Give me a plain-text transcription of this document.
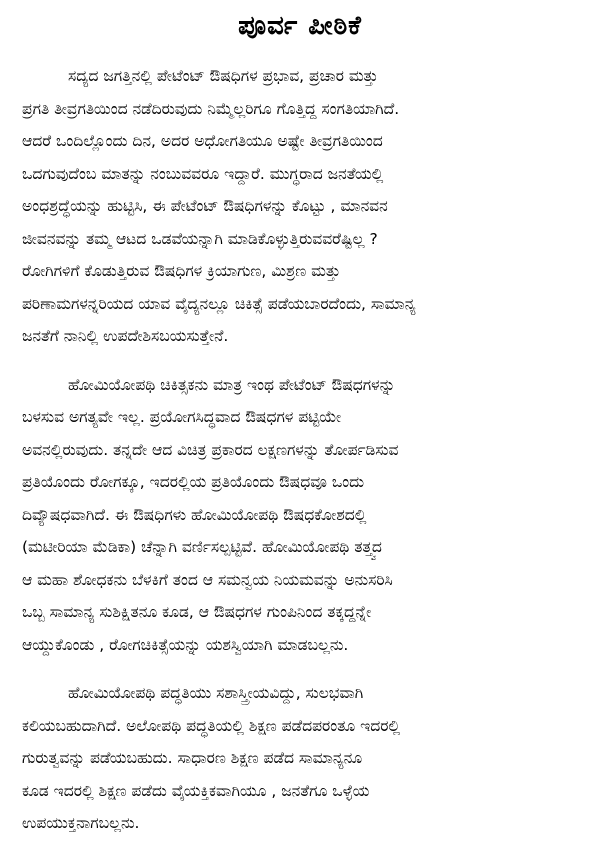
ಪೂರ್ವ ಪೀಠಿಕೆ

ಸದ್ಯದ ಜಗತ್ತಿನಲ್ಲಿ ಪೇಟೆಂಟ್ ಔಷಧಿಗಳ ಪ್ರಭಾವ, ಪ್ರಚಾರ ಮತ್ತು
ಪ್ರಗತಿ ತೀವ್ರಗತಿಯಿಂದ ನಡೆದಿರುವುದು ನಿಮ್ಮೆಲ್ಲರಿಗೂ ಗೊತ್ತಿದ್ದ ಸಂಗತಿಯಾಗಿದೆ.
ಆದರೆ ಒಂದಿಲ್ಲೊಂದು ದಿನ, ಅದರ ಅಧೋಗತಿಯೂ ಅಷ್ಟೇ ತೀವ್ರಗತಿಯಿಂದ
ಒದಗುವುದೆಂಬ ಮಾತನ್ನು ನಂಬುವವರೂ ಇದ್ದಾರೆ. ಮುಗ್ಧರಾದ ಜನತೆಯಲ್ಲಿ
ಅಂಧಶ್ರದ್ಧೆಯನ್ನು ಹುಟ್ಟಿಸಿ, ಈ ಪೇಟೆಂಟ್ ಔಷಧಿಗಳನ್ನು ಕೊಟ್ಟು , ಮಾನವನ
ಜೀವನವನ್ನು ತಮ್ಮ ಆಟದ ಒಡವೆಯನ್ನಾಗಿ ಮಾಡಿಕೊಳ್ಳುತ್ತಿರುವವರೆಷ್ಟಿಲ್ಲ ?
ರೋಗಿಗಳಿಗೆ ಕೊಡುತ್ತಿರುವ ಔಷಧಿಗಳ ಕ್ರಿಯಾಗುಣ, ಮಿಶ್ರಣ ಮತ್ತು
ಪರಿಣಾಮಗಳನ್ನರಿಯದ ಯಾವ ವೈದ್ಯನಲ್ಲೂ ಚಿಕಿತ್ಸೆ ಪಡೆಯಬಾರದೆಂದು, ಸಾಮಾನ್ಯ
ಜನತೆಗೆ ನಾನಿಲ್ಲಿ ಉಪದೇಶಿಸಬಯಸುತ್ತೇನೆ.

ಹೋಮಿಯೋಪಥಿ ಚಿಕಿತ್ಸಕನು ಮಾತ್ರ ಇಂಥ ಪೇಟೆಂಟ್ ಔಷಧಗಳನ್ನು
ಬಳಸುವ ಅಗತ್ಯವೇ ಇಲ್ಲ. ಪ್ರಯೋಗಸಿದ್ಧವಾದ ಔಷಧಗಳ ಪಟ್ಟಿಯೇ
ಅವನಲ್ಲಿರುವುದು. ತನ್ನದೇ ಆದ ವಿಚಿತ್ರ ಪ್ರಕಾರದ ಲಕ್ಷಣಗಳನ್ನು ತೋರ್ಪಡಿಸುವ
ಪ್ರತಿಯೊಂದು ರೋಗಕ್ಕೂ, ಇದರಲ್ಲಿಯ ಪ್ರತಿಯೊಂದು ಔಷಧವೂ ಒಂದು
ದಿವ್ಯೌಷಧವಾಗಿದೆ. ಈ ಔಷಧಿಗಳು ಹೋಮಿಯೋಪಥಿ ಔಷಧಕೋಶದಲ್ಲಿ
(ಮಟೀರಿಯಾ ಮೆಡಿಕಾ) ಚೆನ್ನಾಗಿ ವರ್ಣಿಸಲ್ಪಟ್ಟಿವೆ. ಹೋಮಿಯೋಪಥಿ ತತ್ತ್ವದ
ಆ ಮಹಾ ಶೋಧಕನು ಬೆಳಕಿಗೆ ತಂದ ಆ ಸಮನ್ವಯ ನಿಯಮವನ್ನು ಅನುಸರಿಸಿ
ಒಬ್ಬ ಸಾಮಾನ್ಯ ಸುಶಿಕ್ಷಿತನೂ ಕೂಡ, ಆ ಔಷಧಗಳ ಗುಂಪಿನಿಂದ ತಕ್ಕದ್ದನ್ನೇ
ಆಯ್ದುಕೊಂಡು , ರೋಗಚಿಕಿತ್ಸೆಯನ್ನು ಯಶಸ್ವಿಯಾಗಿ ಮಾಡಬಲ್ಲನು.

ಹೋಮಿಯೋಪಥಿ ಪದ್ಧತಿಯು ಸಶಾಸ್ತ್ರೀಯವಿದ್ದು, ಸುಲಭವಾಗಿ
ಕಲಿಯಬಹುದಾಗಿದೆ. ಅಲೋಪಥಿ ಪದ್ಧತಿಯಲ್ಲಿ ಶಿಕ್ಷಣ ಪಡೆದಪರಂತೂ ಇದರಲ್ಲಿ
ಗುರುತ್ವವನ್ನು ಪಡೆಯಬಹುದು. ಸಾಧಾರಣ ಶಿಕ್ಷಣ ಪಡೆದ ಸಾಮಾನ್ಯನೂ
ಕೂಡ ಇದರಲ್ಲಿ ಶಿಕ್ಷಣ ಪಡೆದು ವೈಯಕ್ತಿಕವಾಗಿಯೂ , ಜನತೆಗೂ ಒಳ್ಳೆಯ
ಉಪಯುಕ್ತನಾಗಬಲ್ಲನು.
